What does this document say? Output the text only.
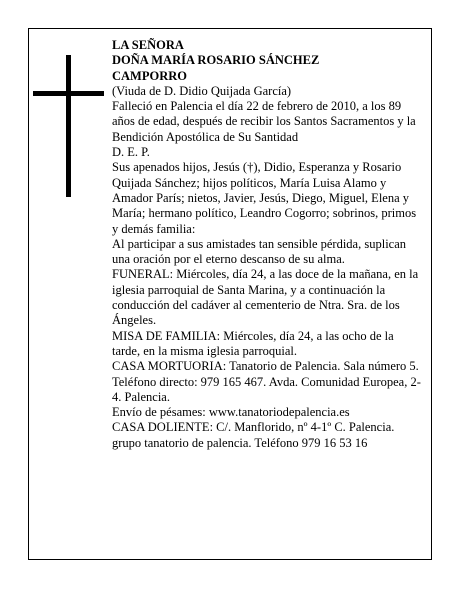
LA SEÑORA

DOÑA MARÍA ROSARIO SÁNCHEZ

CAMPORRO

(Viuda de D. Didio Quijada García)

Falleció en Palencia el día 22 de febrero de 2010, a los 89 años de edad, después de recibir los Santos Sacramentos y la Bendición Apostólica de Su Santidad

D. E. P.

Sus apenados hijos, Jesús (†), Didio, Esperanza y Rosario Quijada Sánchez; hijos políticos, María Luisa Alamo y Amador París; nietos, Javier, Jesús, Diego, Miguel, Elena y María; hermano político, Leandro Cogorro; sobrinos, primos y demás familia:

Al participar a sus amistades tan sensible pérdida, suplican una oración por el eterno descanso de su alma.

FUNERAL: Miércoles, día 24, a las doce de la mañana, en la iglesia parroquial de Santa Marina, y a continuación la conducción del cadáver al cementerio de Ntra. Sra. de los Ángeles.

MISA DE FAMILIA: Miércoles, día 24, a las ocho de la tarde, en la misma iglesia parroquial.

CASA MORTUORIA: Tanatorio de Palencia. Sala número 5. Teléfono directo: 979 165 467. Avda. Comunidad Europea, 2-4. Palencia.

Envío de pésames: www.tanatoriodepalencia.es

CASA DOLIENTE: C/. Manflorido, nº 4-1º C. Palencia.

grupo tanatorio de palencia. Teléfono 979 16 53 16
